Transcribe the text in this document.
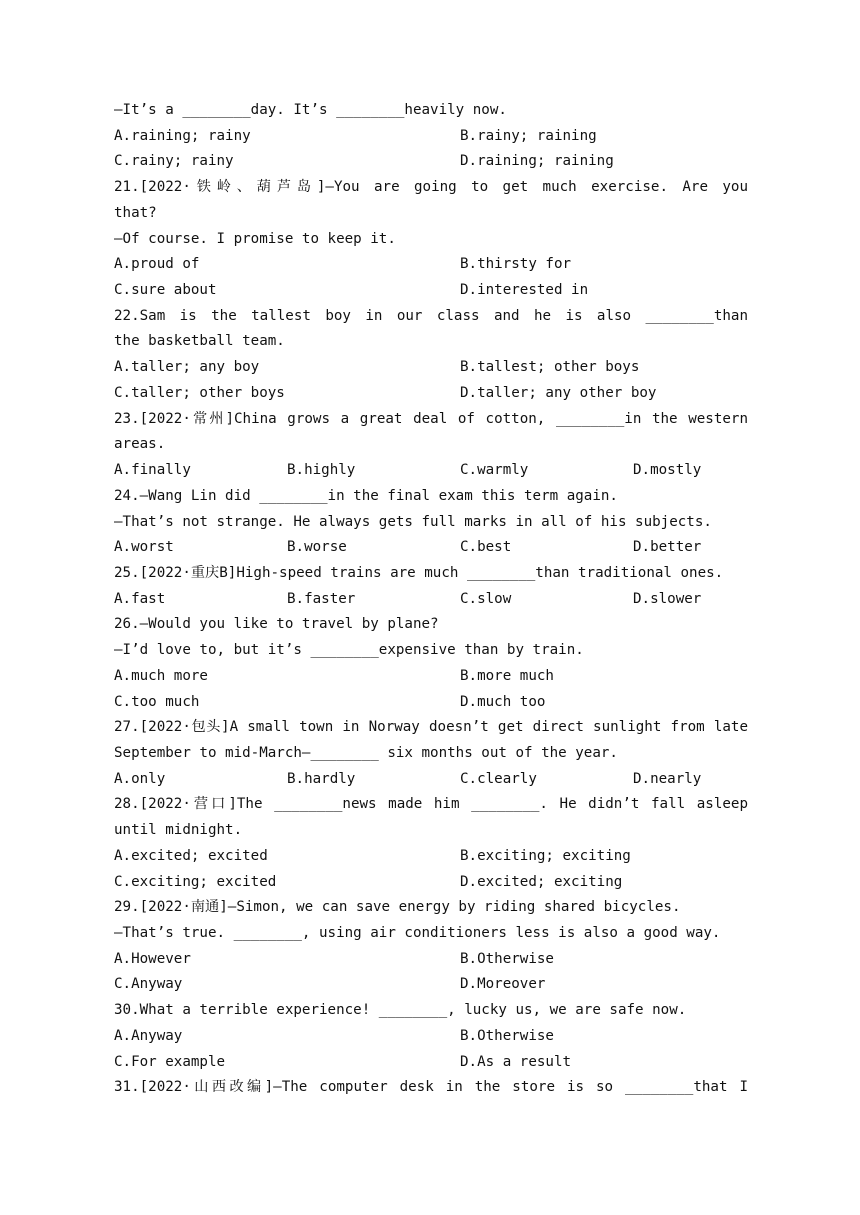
—It’s a ________day. It’s ________heavily now.
A.raining; rainy	B.rainy; raining
C.rainy; rainy	D.raining; raining
21.[2022·铁岭、葫芦岛]—You are going to get much exercise. Are you
that?
—Of course. I promise to keep it.
A.proud of	B.thirsty for
C.sure about	D.interested in
22.Sam is the tallest boy in our class and he is also ________than
the basketball team.
A.taller; any boy	B.tallest; other boys
C.taller; other boys	D.taller; any other boy
23.[2022·常州]China grows a great deal of cotton, ________in the western
areas.
A.finally	B.highly	C.warmly	D.mostly
24.—Wang Lin did ________in the final exam this term again.
—That’s not strange. He always gets full marks in all of his subjects.
A.worst	B.worse	C.best	D.better
25.[2022·重庆B]High-speed trains are much ________than traditional ones.
A.fast	B.faster	C.slow	D.slower
26.—Would you like to travel by plane?
—I’d love to, but it’s ________expensive than by train.
A.much more	B.more much
C.too much	D.much too
27.[2022·包头]A small town in Norway doesn’t get direct sunlight from late
September to mid-March—________ six months out of the year.
A.only	B.hardly	C.clearly	D.nearly
28.[2022·营口]The ________news made him ________. He didn’t fall asleep
until midnight.
A.excited; excited	B.exciting; exciting
C.exciting; excited	D.excited; exciting
29.[2022·南通]—Simon, we can save energy by riding shared bicycles.
—That’s true. ________, using air conditioners less is also a good way.
A.However	B.Otherwise
C.Anyway	D.Moreover
30.What a terrible experience! ________, lucky us, we are safe now.
A.Anyway	B.Otherwise
C.For example	D.As a result
31.[2022·山西改编]—The computer desk in the store is so ________that I
